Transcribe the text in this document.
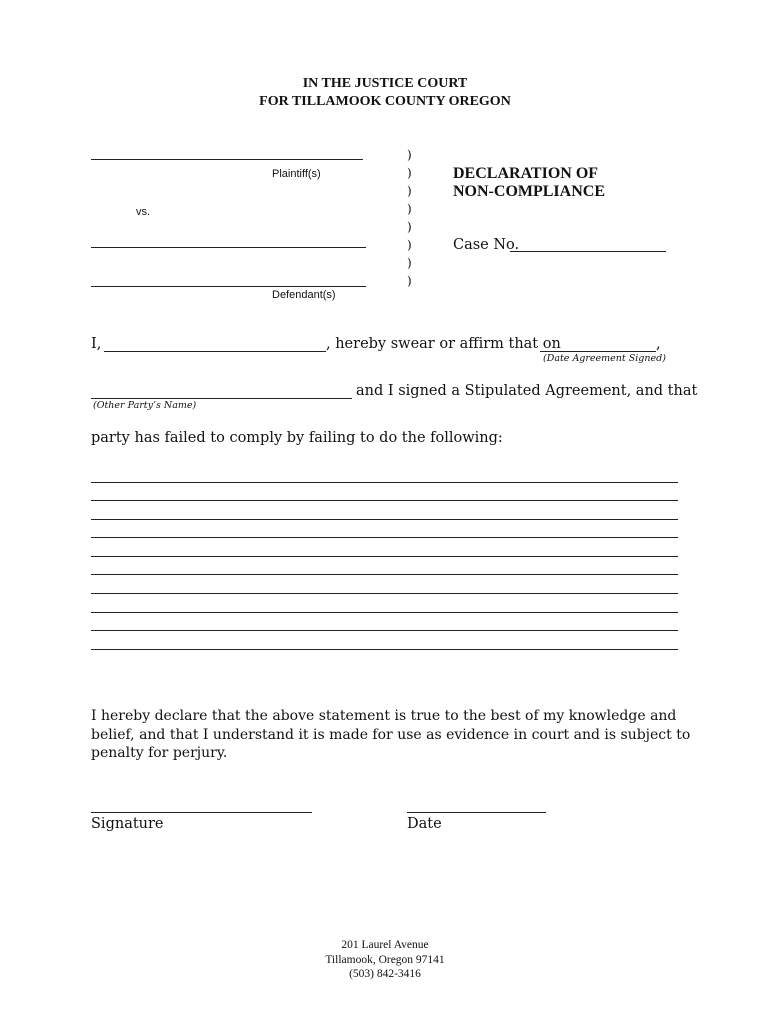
IN THE JUSTICE COURT
FOR TILLAMOOK COUNTY OREGON
Plaintiff(s)
vs.
Defendant(s)
)
)
)
)
)
)
)
)
DECLARATION OF
NON-COMPLIANCE
Case No.
I,	, hereby swear or affirm that on	,
(Date Agreement Signed)
and I signed a Stipulated Agreement, and that
(Other Party’s Name)
party has failed to comply by failing to do the following:
I hereby declare that the above statement is true to the best of my knowledge and belief, and that I understand it is made for use as evidence in court and is subject to penalty for perjury.
Signature	Date
201 Laurel Avenue
Tillamook, Oregon 97141
(503) 842-3416
